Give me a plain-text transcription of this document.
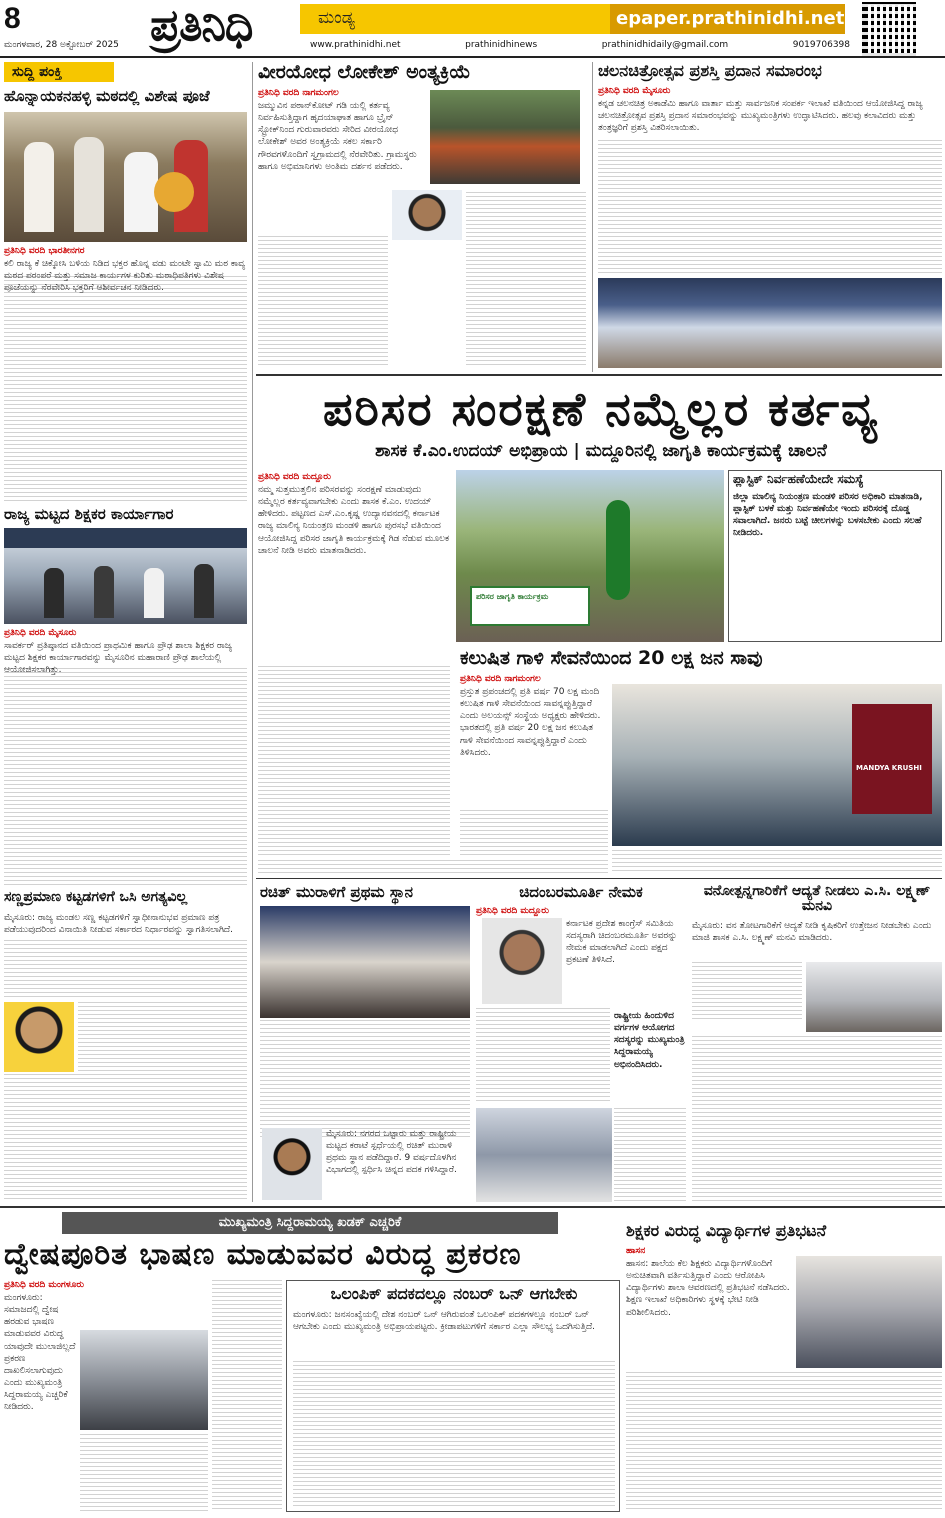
8
ಮಂಗಳವಾರ, 28 ಅಕ್ಟೋಬರ್ 2025 ಪ್ರತಿನಿಧಿ	ಮಂಡ್ಯ	epaper.prathinidhi.net
www.prathinidhi.net	prathinidhinews	prathinidhidaily@gmail.com	9019706398
ಸುದ್ದಿ ಪಂಕ್ತಿ
ಹೊನ್ನಾಯಕನಹಳ್ಳಿ ಮಠದಲ್ಲಿ ವಿಶೇಷ ಪೂಜೆ
ಪ್ರತಿನಿಧಿ ವರದಿ ಭಾರತೀನಗರ
ಕಲಿ ರಾಜ್ಯ ಕೆ ಚಿಕ್ಕೋಸಿ ಬಳಿಯ ನಿಡಿದ ಭಕ್ತರ ಹೊನ್ನ ವಡು ಮಂಟೇ ಸ್ವಾಮಿ ಮಠ ಕಾವ್ಯ ಮಠದ ಪರಂಪರೆ ಮತ್ತು ಸಮಾಜ ಕಾರ್ಯಗಳ ಕುರಿತು ಮಠಾಧಿಪತಿಗಳು ವಿಶೇಷ ಪೂಜೆಯನ್ನು ನೆರವೇರಿಸಿ ಭಕ್ತರಿಗೆ ಆಶೀರ್ವಚನ ನೀಡಿದರು.
ರಾಜ್ಯ ಮಟ್ಟದ ಶಿಕ್ಷಕರ ಕಾರ್ಯಾಗಾರ
ಪ್ರತಿನಿಧಿ ವರದಿ ಮೈಸೂರು
ಸಾವರ್ಕರ್ ಪ್ರತಿಷ್ಠಾನದ ವತಿಯಿಂದ ಪ್ರಾಥಮಿಕ ಹಾಗೂ ಪ್ರೌಢ ಶಾಲಾ ಶಿಕ್ಷಕರ ರಾಜ್ಯ ಮಟ್ಟದ ಶಿಕ್ಷಕರ ಕಾರ್ಯಾಗಾರವನ್ನು ಮೈಸೂರಿನ ಮಹಾರಾಣಿ ಪ್ರೌಢ ಶಾಲೆಯಲ್ಲಿ ಆಯೋಜಿಸಲಾಗಿತ್ತು.
ಸಣ್ಣಪ್ರಮಾಣ ಕಟ್ಟಡಗಳಿಗೆ ಒಸಿ ಅಗತ್ಯವಿಲ್ಲ
ಮೈಸೂರು: ರಾಜ್ಯ ಮಂಡಲ ಸಣ್ಣ ಕಟ್ಟಡಗಳಿಗೆ ಸ್ವಾಧೀನಾನುಭವ ಪ್ರಮಾಣ ಪತ್ರ ಪಡೆಯುವುದರಿಂದ ವಿನಾಯಿತಿ ನೀಡುವ ಸರ್ಕಾರದ ನಿರ್ಧಾರವನ್ನು ಸ್ವಾಗತಿಸಲಾಗಿದೆ.
ವೀರಯೋಧ ಲೋಕೇಶ್ ಅಂತ್ಯಕ್ರಿಯೆ
ಪ್ರತಿನಿಧಿ ವರದಿ ನಾಗಮಂಗಲ
ಜಮ್ಮುವಿನ ಪಠಾನ್‌ಕೋಟ್ ಗಡಿ ಯಲ್ಲಿ ಕರ್ತವ್ಯ ನಿರ್ವಹಿಸುತ್ತಿದ್ದಾಗ ಹೃದಯಾಘಾತ ಹಾಗೂ ಬ್ರೈನ್ ಸ್ಟ್ರೋಕ್‌ನಿಂದ ಗುರುವಾರವರು ಸೇರಿದ ವೀರಯೋಧ ಲೋಕೇಶ್ ಅವರ ಅಂತ್ಯಕ್ರಿಯೆ ಸಕಲ ಸರ್ಕಾರಿ ಗೌರವಗಳೊಂದಿಗೆ ಸ್ವಗ್ರಾಮದಲ್ಲಿ ನೆರವೇರಿತು. ಗ್ರಾಮಸ್ಥರು ಹಾಗೂ ಅಭಿಮಾನಿಗಳು ಅಂತಿಮ ದರ್ಶನ ಪಡೆದರು.
ಚಲನಚಿತ್ರೋತ್ಸವ ಪ್ರಶಸ್ತಿ ಪ್ರದಾನ ಸಮಾರಂಭ
ಪ್ರತಿನಿಧಿ ವರದಿ ಮೈಸೂರು
ಕನ್ನಡ ಚಲನಚಿತ್ರ ಅಕಾಡೆಮಿ ಹಾಗೂ ವಾರ್ತಾ ಮತ್ತು ಸಾರ್ವಜನಿಕ ಸಂಪರ್ಕ ಇಲಾಖೆ ವತಿಯಿಂದ ಆಯೋಜಿಸಿದ್ದ ರಾಜ್ಯ ಚಲನಚಿತ್ರೋತ್ಸವ ಪ್ರಶಸ್ತಿ ಪ್ರದಾನ ಸಮಾರಂಭವನ್ನು ಮುಖ್ಯಮಂತ್ರಿಗಳು ಉದ್ಘಾಟಿಸಿದರು. ಹಲವು ಕಲಾವಿದರು ಮತ್ತು ತಂತ್ರಜ್ಞರಿಗೆ ಪ್ರಶಸ್ತಿ ವಿತರಿಸಲಾಯಿತು.
ಪರಿಸರ ಸಂರಕ್ಷಣೆ ನಮ್ಮೆಲ್ಲರ ಕರ್ತವ್ಯ
ಶಾಸಕ ಕೆ.ಎಂ.ಉದಯ್ ಅಭಿಪ್ರಾಯ | ಮದ್ದೂರಿನಲ್ಲಿ ಜಾಗೃತಿ ಕಾರ್ಯಕ್ರಮಕ್ಕೆ ಚಾಲನೆ
ಪ್ರತಿನಿಧಿ ವರದಿ ಮದ್ದೂರು
ನಮ್ಮ ಸುತ್ತಮುತ್ತಲಿನ ಪರಿಸರವನ್ನು ಸಂರಕ್ಷಣೆ ಮಾಡುವುದು ನಮ್ಮೆಲ್ಲರ ಕರ್ತವ್ಯವಾಗಬೇಕು ಎಂದು ಶಾಸಕ ಕೆ.ಎಂ. ಉದಯ್ ಹೇಳಿದರು. ಪಟ್ಟಣದ ಎಸ್.ಎಂ.ಕೃಷ್ಣ ಉದ್ಯಾನವನದಲ್ಲಿ ಕರ್ನಾಟಕ ರಾಜ್ಯ ಮಾಲಿನ್ಯ ನಿಯಂತ್ರಣ ಮಂಡಳಿ ಹಾಗೂ ಪುರಸಭೆ ವತಿಯಿಂದ ಆಯೋಜಿಸಿದ್ದ ಪರಿಸರ ಜಾಗೃತಿ ಕಾರ್ಯಕ್ರಮಕ್ಕೆ ಗಿಡ ನೆಡುವ ಮೂಲಕ ಚಾಲನೆ ನೀಡಿ ಅವರು ಮಾತನಾಡಿದರು.
ಪರಿಸರ ಜಾಗೃತಿ ಕಾರ್ಯಕ್ರಮ
ಪ್ಲಾಸ್ಟಿಕ್ ನಿರ್ವಹಣೆಯೇದೇ ಸಮಸ್ಯೆ
ಜಿಲ್ಲಾ ಮಾಲಿನ್ಯ ನಿಯಂತ್ರಣ ಮಂಡಳಿ ಪರಿಸರ ಅಧಿಕಾರಿ ಮಾತನಾಡಿ, ಪ್ಲಾಸ್ಟಿಕ್ ಬಳಕೆ ಮತ್ತು ನಿರ್ವಹಣೆಯೇ ಇಂದು ಪರಿಸರಕ್ಕೆ ದೊಡ್ಡ ಸವಾಲಾಗಿದೆ. ಜನರು ಬಟ್ಟೆ ಚೀಲಗಳನ್ನು ಬಳಸಬೇಕು ಎಂದು ಸಲಹೆ ನೀಡಿದರು.
ಕಲುಷಿತ ಗಾಳಿ ಸೇವನೆಯಿಂದ 20 ಲಕ್ಷ ಜನ ಸಾವು
ಪ್ರತಿನಿಧಿ ವರದಿ ನಾಗಮಂಗಲ
ಪ್ರಸ್ತುತ ಪ್ರಪಂಚದಲ್ಲಿ ಪ್ರತಿ ವರ್ಷ 70 ಲಕ್ಷ ಮಂದಿ ಕಲುಷಿತ ಗಾಳಿ ಸೇವನೆಯಿಂದ ಸಾವನ್ನಪ್ಪುತ್ತಿದ್ದಾರೆ ಎಂದು ಅಲಯನ್ಸ್ ಸಂಸ್ಥೆಯ ಅಧ್ಯಕ್ಷರು ಹೇಳಿದರು. ಭಾರತದಲ್ಲಿ ಪ್ರತಿ ವರ್ಷ 20 ಲಕ್ಷ ಜನ ಕಲುಷಿತ ಗಾಳಿ ಸೇವನೆಯಿಂದ ಸಾವನ್ನಪ್ಪುತ್ತಿದ್ದಾರೆ ಎಂದು ತಿಳಿಸಿದರು.
MANDYA KRUSHI
ರಚಿತ್ ಮುರಾಳಿಗೆ ಪ್ರಥಮ ಸ್ಥಾನ
ಮೈಸೂರು: ನಗರದ ಒಟ್ಟಾರು ಮತ್ತು ರಾಷ್ಟ್ರೀಯ ಮಟ್ಟದ ಕರಾಟೆ ಸ್ಪರ್ಧೆಯಲ್ಲಿ ರಚಿತ್ ಮುರಾಳಿ ಪ್ರಥಮ ಸ್ಥಾನ ಪಡೆದಿದ್ದಾರೆ. 9 ವರ್ಷದೊಳಗಿನ ವಿಭಾಗದಲ್ಲಿ ಸ್ಪರ್ಧಿಸಿ ಚಿನ್ನದ ಪದಕ ಗಳಿಸಿದ್ದಾರೆ.
ಚಿದಂಬರಮೂರ್ತಿ ನೇಮಕ
ಪ್ರತಿನಿಧಿ ವರದಿ ಮದ್ದೂರು
ಕರ್ನಾಟಕ ಪ್ರದೇಶ ಕಾಂಗ್ರೆಸ್ ಸಮಿತಿಯ ಸದಸ್ಯರಾಗಿ ಚಿದಂಬರಮೂರ್ತಿ ಅವರನ್ನು ನೇಮಕ ಮಾಡಲಾಗಿದೆ ಎಂದು ಪಕ್ಷದ ಪ್ರಕಟಣೆ ತಿಳಿಸಿದೆ.
ರಾಷ್ಟ್ರೀಯ ಹಿಂದುಳಿದ ವರ್ಗಗಳ ಆಯೋಗದ ಸದಸ್ಯರನ್ನು ಮುಖ್ಯಮಂತ್ರಿ ಸಿದ್ದರಾಮಯ್ಯ ಅಭಿನಂದಿಸಿದರು.
ವನೋತ್ಪನ್ನಗಾರಿಕೆಗೆ ಆದ್ಯತೆ ನೀಡಲು ಎ.ಸಿ. ಲಕ್ಷ್ಮಣ್ ಮನವಿ
ಮೈಸೂರು: ವನ ತೋಟಗಾರಿಕೆಗೆ ಆದ್ಯತೆ ನೀಡಿ ಕೃಷಿಕರಿಗೆ ಉತ್ತೇಜನ ನೀಡಬೇಕು ಎಂದು ಮಾಜಿ ಶಾಸಕ ಎ.ಸಿ. ಲಕ್ಷ್ಮಣ್ ಮನವಿ ಮಾಡಿದರು.
ಮುಖ್ಯಮಂತ್ರಿ ಸಿದ್ದರಾಮಯ್ಯ ಖಡಕ್ ಎಚ್ಚರಿಕೆ
ದ್ವೇಷಪೂರಿತ ಭಾಷಣ ಮಾಡುವವರ ವಿರುದ್ಧ ಪ್ರಕರಣ
ಪ್ರತಿನಿಧಿ ವರದಿ ಮಂಗಳೂರು
ಮಂಗಳೂರು: ಸಮಾಜದಲ್ಲಿ ದ್ವೇಷ ಹರಡುವ ಭಾಷಣ ಮಾಡುವವರ ವಿರುದ್ಧ ಯಾವುದೇ ಮುಲಾಜಿಲ್ಲದೆ ಪ್ರಕರಣ ದಾಖಲಿಸಲಾಗುವುದು ಎಂದು ಮುಖ್ಯಮಂತ್ರಿ ಸಿದ್ದರಾಮಯ್ಯ ಎಚ್ಚರಿಕೆ ನೀಡಿದರು.
ಒಲಂಪಿಕ್ ಪದಕದಲ್ಲೂ ನಂಬರ್ ಒನ್ ಆಗಬೇಕು
ಮಂಗಳೂರು: ಜನಸಂಖ್ಯೆಯಲ್ಲಿ ದೇಶ ನಂಬರ್ ಒನ್ ಆಗಿರುವಂತೆ ಒಲಂಪಿಕ್ ಪದಕಗಳಲ್ಲೂ ನಂಬರ್ ಒನ್ ಆಗಬೇಕು ಎಂದು ಮುಖ್ಯಮಂತ್ರಿ ಅಭಿಪ್ರಾಯಪಟ್ಟರು. ಕ್ರೀಡಾಪಟುಗಳಿಗೆ ಸರ್ಕಾರ ಎಲ್ಲಾ ಸೌಲಭ್ಯ ಒದಗಿಸುತ್ತಿದೆ.
ಶಿಕ್ಷಕರ ವಿರುದ್ಧ ವಿದ್ಯಾರ್ಥಿಗಳ ಪ್ರತಿಭಟನೆ
ಹಾಸನ
ಹಾಸನ: ಶಾಲೆಯ ಕೆಲ ಶಿಕ್ಷಕರು ವಿದ್ಯಾರ್ಥಿಗಳೊಂದಿಗೆ ಅನುಚಿತವಾಗಿ ವರ್ತಿಸುತ್ತಿದ್ದಾರೆ ಎಂದು ಆರೋಪಿಸಿ ವಿದ್ಯಾರ್ಥಿಗಳು ಶಾಲಾ ಆವರಣದಲ್ಲಿ ಪ್ರತಿಭಟನೆ ನಡೆಸಿದರು. ಶಿಕ್ಷಣ ಇಲಾಖೆ ಅಧಿಕಾರಿಗಳು ಸ್ಥಳಕ್ಕೆ ಭೇಟಿ ನೀಡಿ ಪರಿಶೀಲಿಸಿದರು.
